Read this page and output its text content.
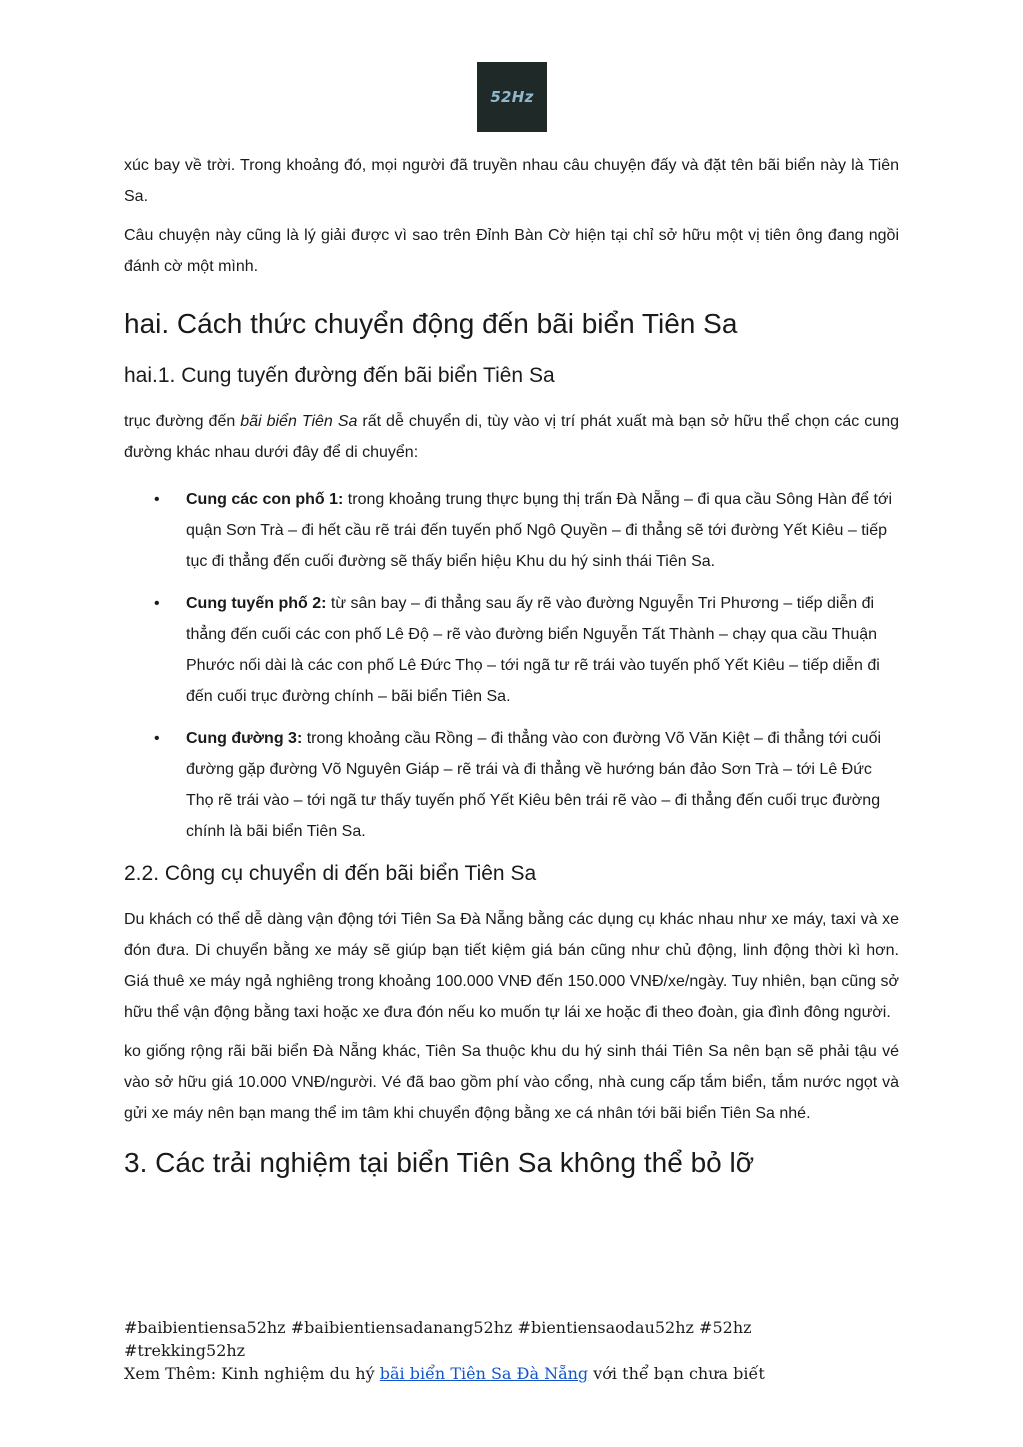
52Hz

xúc bay về trời. Trong khoảng đó, mọi người đã truyền nhau câu chuyện đấy và đặt tên bãi biển này là Tiên Sa.

Câu chuyện này cũng là lý giải được vì sao trên Đỉnh Bàn Cờ hiện tại chỉ sở hữu một vị tiên ông đang ngồi đánh cờ một mình.

hai. Cách thức chuyển động đến bãi biển Tiên Sa
hai.1. Cung tuyến đường đến bãi biển Tiên Sa

trục đường đến bãi biển Tiên Sa rất dễ chuyển di, tùy vào vị trí phát xuất mà bạn sở hữu thể chọn các cung đường khác nhau dưới đây để di chuyển:

• Cung các con phố 1: trong khoảng trung thực bụng thị trấn Đà Nẵng – đi qua cầu Sông Hàn để tới quận Sơn Trà – đi hết cầu rẽ trái đến tuyến phố Ngô Quyền – đi thẳng sẽ tới đường Yết Kiêu – tiếp tục đi thẳng đến cuối đường sẽ thấy biển hiệu Khu du hý sinh thái Tiên Sa.
• Cung tuyến phố 2: từ sân bay – đi thẳng sau ấy rẽ vào đường Nguyễn Tri Phương – tiếp diễn đi thẳng đến cuối các con phố Lê Độ – rẽ vào đường biển Nguyễn Tất Thành – chạy qua cầu Thuận Phước nối dài là các con phố Lê Đức Thọ – tới ngã tư rẽ trái vào tuyến phố Yết Kiêu – tiếp diễn đi đến cuối trục đường chính – bãi biển Tiên Sa.
• Cung đường 3: trong khoảng cầu Rồng – đi thẳng vào con đường Võ Văn Kiệt – đi thẳng tới cuối đường gặp đường Võ Nguyên Giáp – rẽ trái và đi thẳng về hướng bán đảo Sơn Trà – tới Lê Đức Thọ rẽ trái vào – tới ngã tư thấy tuyến phố Yết Kiêu bên trái rẽ vào – đi thẳng đến cuối trục đường chính là bãi biển Tiên Sa.
2.2. Công cụ chuyển di đến bãi biển Tiên Sa

Du khách có thể dễ dàng vận động tới Tiên Sa Đà Nẵng bằng các dụng cụ khác nhau như xe máy, taxi và xe đón đưa. Di chuyển bằng xe máy sẽ giúp bạn tiết kiệm giá bán cũng như chủ động, linh động thời kì hơn. Giá thuê xe máy ngả nghiêng trong khoảng 100.000 VNĐ đến 150.000 VNĐ/xe/ngày. Tuy nhiên, bạn cũng sở hữu thể vận động bằng taxi hoặc xe đưa đón nếu ko muốn tự lái xe hoặc đi theo đoàn, gia đình đông người.

ko giống rộng rãi bãi biển Đà Nẵng khác, Tiên Sa thuộc khu du hý sinh thái Tiên Sa nên bạn sẽ phải tậu vé vào sở hữu giá 10.000 VNĐ/người. Vé đã bao gồm phí vào cổng, nhà cung cấp tắm biển, tắm nước ngọt và gửi xe máy nên bạn mang thể im tâm khi chuyển động bằng xe cá nhân tới bãi biển Tiên Sa nhé.

3. Các trải nghiệm tại biển Tiên Sa không thể bỏ lỡ
#baibientiensa52hz #baibientiensadanang52hz #bientiensaodau52hz #52hz
#trekking52hz
Xem Thêm: Kinh nghiệm du hý bãi biển Tiên Sa Đà Nẵng với thể bạn chưa biết
